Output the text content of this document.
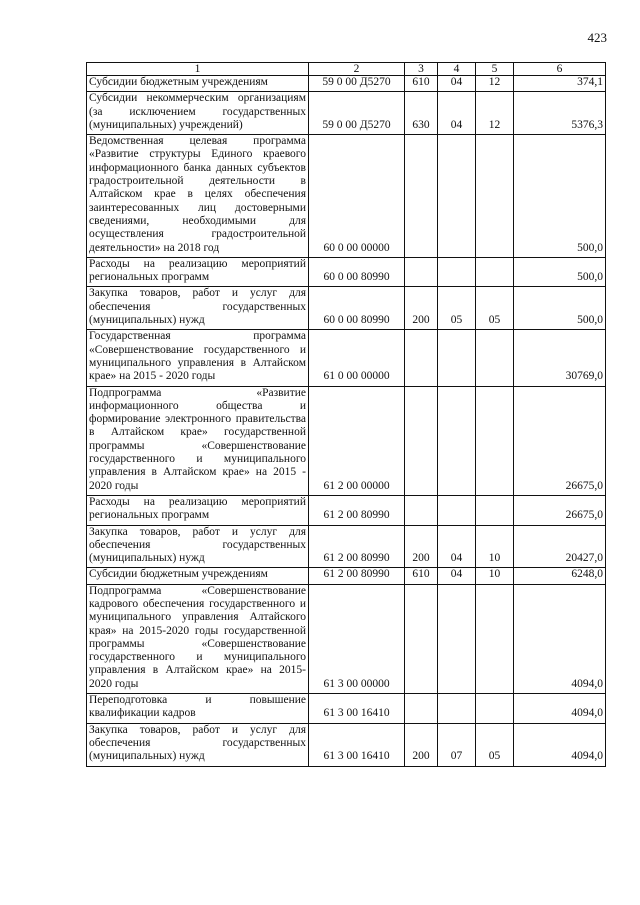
423
1	2	3	4	5	6
Субсидии бюджетным учреждениям	59 0 00 Д5270	610	04	12	374,1
Субсидии некоммерческим организациям (за исключением государственных (муниципальных) учреждений)	59 0 00 Д5270	630	04	12	5376,3
Ведомственная целевая программа «Развитие структуры Единого краевого информационного банка данных субъектов градостроительной деятельности в Алтайском крае в целях обеспечения заинтересованных лиц достоверными сведениями, необходимыми для осуществления градостроительной деятельности» на 2018 год	60 0 00 00000				500,0
Расходы на реализацию мероприятий региональных программ	60 0 00 80990				500,0
Закупка товаров, работ и услуг для обеспечения государственных (муниципальных) нужд	60 0 00 80990	200	05	05	500,0
Государственная программа «Совершенствование государственного и муниципального управления в Алтайском крае» на 2015 - 2020 годы	61 0 00 00000				30769,0
Подпрограмма «Развитие информационного общества и формирование электронного правительства в Алтайском крае» государственной программы «Совершенствование государственного и муниципального управления в Алтайском крае» на 2015 - 2020 годы	61 2 00 00000				26675,0
Расходы на реализацию мероприятий региональных программ	61 2 00 80990				26675,0
Закупка товаров, работ и услуг для обеспечения государственных (муниципальных) нужд	61 2 00 80990	200	04	10	20427,0
Субсидии бюджетным учреждениям	61 2 00 80990	610	04	10	6248,0
Подпрограмма «Совершенствование кадрового обеспечения государственного и муниципального управления Алтайского края» на 2015-2020 годы государственной программы «Совершенствование государственного и муниципального управления в Алтайском крае» на 2015-2020 годы	61 3 00 00000				4094,0
Переподготовка и повышение квалификации кадров	61 3 00 16410				4094,0
Закупка товаров, работ и услуг для обеспечения государственных (муниципальных) нужд	61 3 00 16410	200	07	05	4094,0
